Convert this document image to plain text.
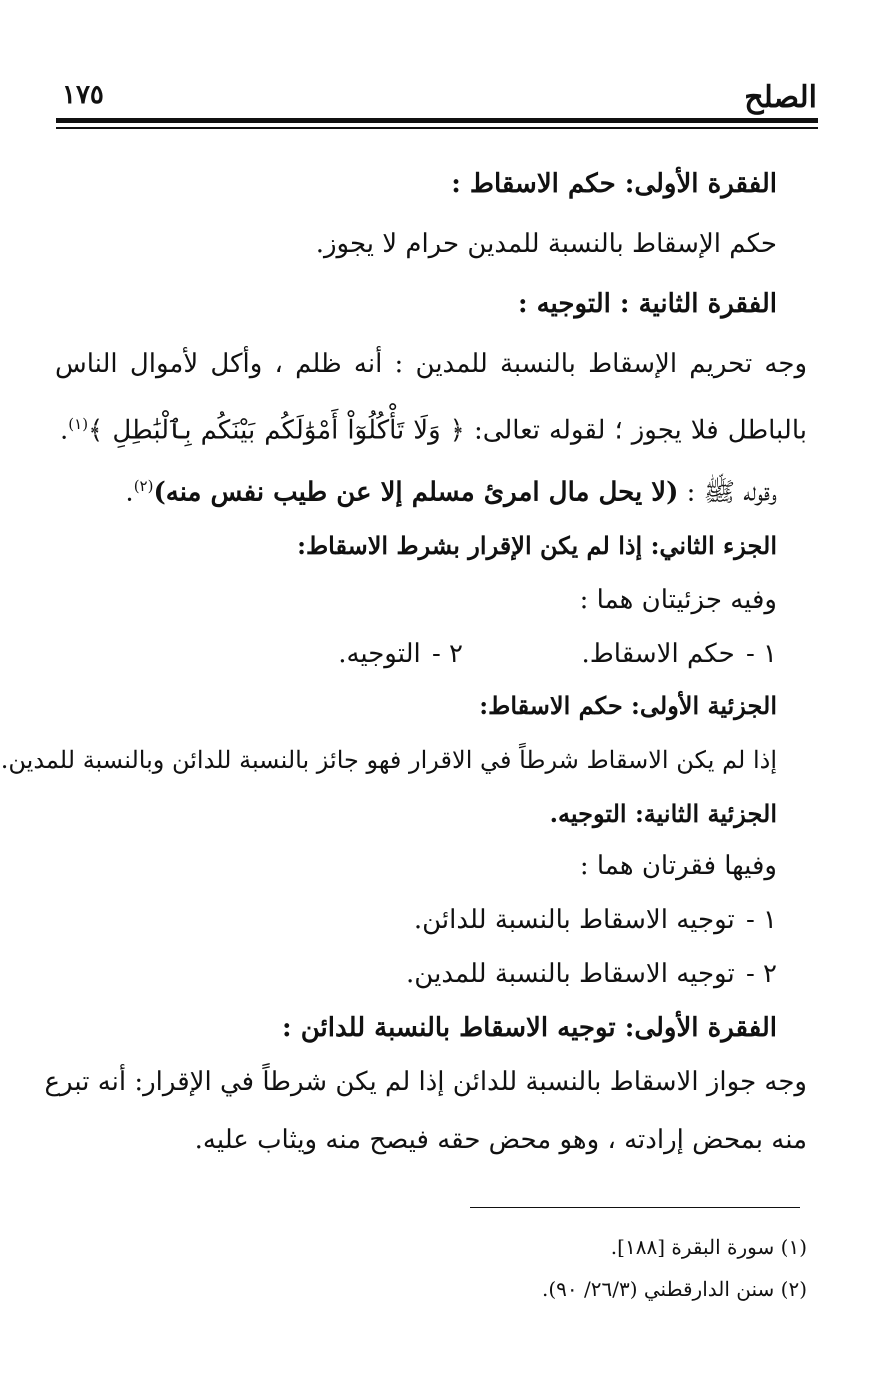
الصلح
١٧٥
الفقرة الأولى: حكم الاسقاط :
حكم الإسقاط بالنسبة للمدين حرام لا يجوز.
الفقرة الثانية : التوجيه :
وجه تحريم الإسقاط بالنسبة للمدين : أنه ظلم ، وأكل لأموال الناس
بالباطل فلا يجوز ؛ لقوله تعالى: ﴿ وَلَا تَأْكُلُوٓاْ أَمْوَٰلَكُم بَيْنَكُم بِٱلْبَٰطِلِ ﴾$^{(١)}$.
وقوله ﷺ : (لا يحل مال امرئ مسلم إلا عن طيب نفس منه)$^{(٢)}$.
الجزء الثاني: إذا لم يكن الإقرار بشرط الاسقاط:
وفيه جزئيتان هما :
١ - حكم الاسقاط.
٢ - التوجيه.
الجزئية الأولى: حكم الاسقاط:
إذا لم يكن الاسقاط شرطاً في الاقرار فهو جائز بالنسبة للدائن وبالنسبة للمدين.
الجزئية الثانية: التوجيه.
وفيها فقرتان هما :
١ - توجيه الاسقاط بالنسبة للدائن.
٢ - توجيه الاسقاط بالنسبة للمدين.
الفقرة الأولى: توجيه الاسقاط بالنسبة للدائن :
وجه جواز الاسقاط بالنسبة للدائن إذا لم يكن شرطاً في الإقرار: أنه تبرع
منه بمحض إرادته ، وهو محض حقه فيصح منه ويثاب عليه.
(١) سورة البقرة [١٨٨].
(٢) سنن الدارقطني (٢٦/٣/ ٩٠).
